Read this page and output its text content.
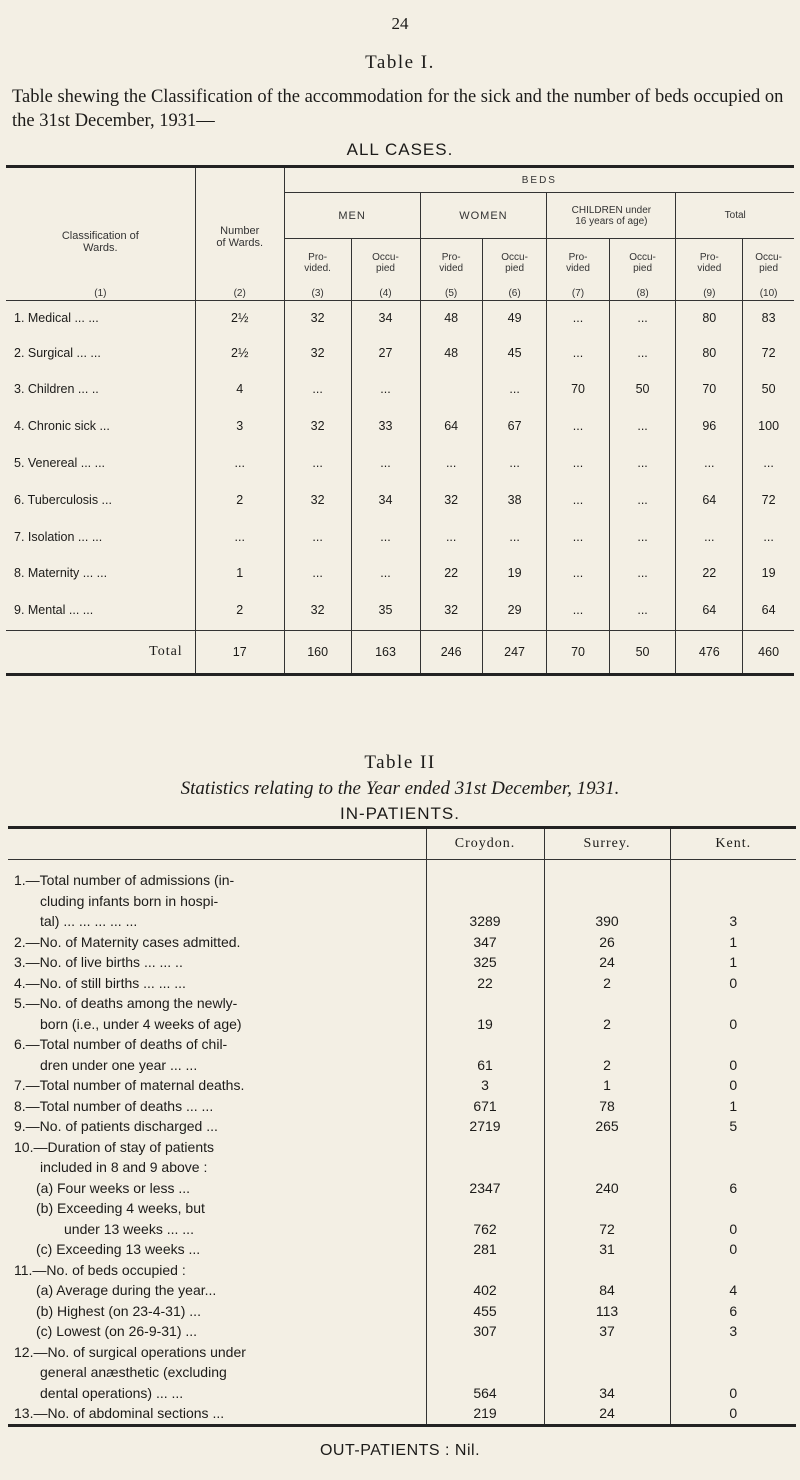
24
Table I.
Table shewing the Classification of the accommodation for the sick and the number of beds occupied on the 31st December, 1931—
ALL CASES.
Classification of Wards.	Number of Wards.	BEDS							
		MEN		WOMEN		CHILDREN under 16 years of age)		Total	

		Pro- vided.	Occu- pied	Pro- vided	Occu- pied	Pro- vided	Occu- pied	Pro- vided	Occu- pied

(1)	(2)	(3)	(4)	(5)	(6)	(7)	(8)	(9)	(10)
1. Medical ... ...	2½	32	34	48	49	...	...	80	83
2. Surgical ... ...	2½	32	27	48	45	...	...	80	72
3. Children ... ..	4	...	...		...	70	50	70	50
4. Chronic sick ...	3	32	33	64	67	...	...	96	100
5. Venereal ... ...	...	...	...	...	...	...	...	...	...
6. Tuberculosis ...	2	32	34	32	38	...	...	64	72
7. Isolation ... ...	...	...	...	...	...	...	...	...	...
8. Maternity ... ...	1	...	...	22	19	...	...	22	19
9. Mental ... ...	2	32	35	32	29	...	...	64	64
Total	17	160	163	246	247	70	50	476	460
Table II
Statistics relating to the Year ended 31st December, 1931.
IN-PATIENTS.
	Croydon.	Surrey.	Kent.

1.—Total number of admissions (in-
cluding infants born in hospi-
tal) ... ... ... ... ...	3289	390	3

2.—No. of Maternity cases admitted.	347	26	1

3.—No. of live births ... ... ..	325	24	1

4.—No. of still births ... ... ...	22	2	0

5.—No. of deaths among the newly-
born (i.e., under 4 weeks of age)	19	2	0

6.—Total number of deaths of chil-
dren under one year ... ...	61	2	0

7.—Total number of maternal deaths.	3	1	0

8.—Total number of deaths ... ...	671	78	1

9.—No. of patients discharged ...	2719	265	5

10.—Duration of stay of patients
included in 8 and 9 above :			

(a) Four weeks or less ...	2347	240	6

(b) Exceeding 4 weeks, but
under 13 weeks ... ...	762	72	0

(c) Exceeding 13 weeks ...	281	31	0

11.—No. of beds occupied :			

(a) Average during the year...	402	84	4

(b) Highest (on 23-4-31) ...	455	113	6

(c) Lowest (on 26-9-31) ...	307	37	3

12.—No. of surgical operations under
general anæsthetic (excluding
dental operations) ... ...	564	34	0

13.—No. of abdominal sections ...	219	24	0
OUT-PATIENTS : Nil.
